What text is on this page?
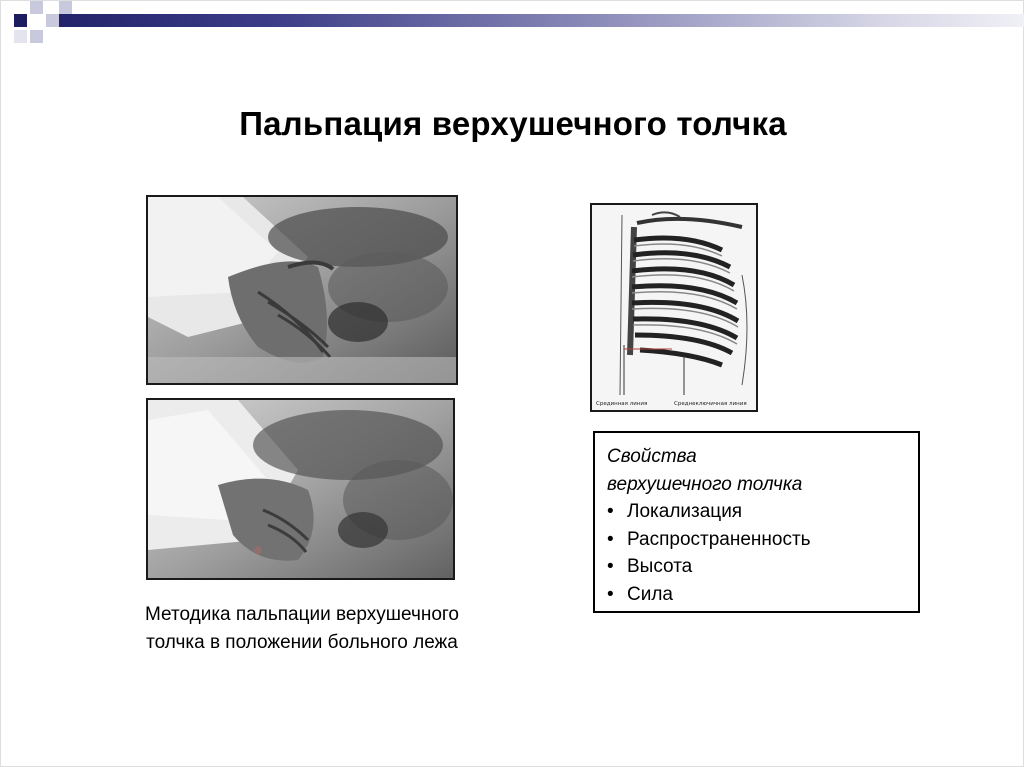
Пальпация верхушечного толчка
Срединная линия	Среднеключичная линия
Методика пальпации верхушечного
толчка в положении больного лежа
Свойства
верхушечного толчка
• Локализация
• Распространенность
• Высота
• Сила
